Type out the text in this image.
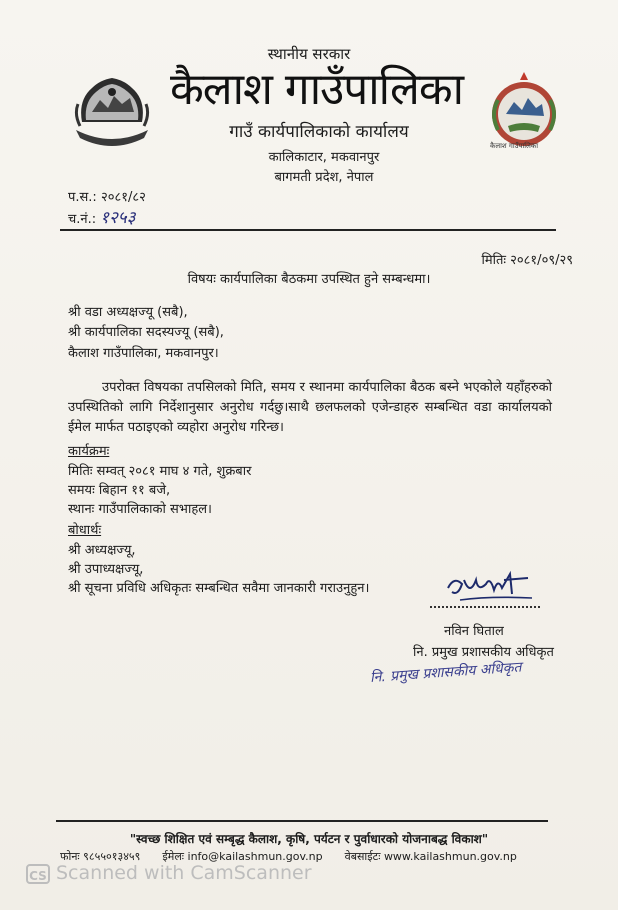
कैलाश गाउँपालिका
स्थानीय सरकार
कैलाश गाउँपालिका
गाउँ कार्यपालिकाको कार्यालय
कालिकाटार, मकवानपुर
बागमती प्रदेश, नेपाल
प.स.: २०८१/८२
च.नं.: १२५३
मितिः २०८१/०९/२९
विषयः कार्यपालिका बैठकमा उपस्थित हुने सम्बन्धमा।
श्री वडा अध्यक्षज्यू (सबै),
श्री कार्यपालिका सदस्यज्यू (सबै),
कैलाश गाउँपालिका, मकवानपुर।
उपरोक्त विषयका तपसिलको मिति, समय र स्थानमा कार्यपालिका बैठक बस्ने भएकोले यहाँहरुको उपस्थितिको लागि निर्देशानुसार अनुरोध गर्दछु।साथै छलफलको एजेन्डाहरु सम्बन्धित वडा कार्यालयको ईमेल मार्फत पठाइएको व्यहोरा अनुरोध गरिन्छ।
कार्यक्रमः
मितिः सम्वत् २०८१ माघ ४ गते, शुक्रबार
समयः बिहान ११ बजे,
स्थानः गाउँपालिकाको सभाहल।
बोधार्थः
श्री अध्यक्षज्यू,
श्री उपाध्यक्षज्यू,
श्री सूचना प्रविधि अधिकृतः सम्बन्धित सवैमा जानकारी गराउनुहुन।
नविन घिताल
नि. प्रमुख प्रशासकीय अधिकृत
नि. प्रमुख प्रशासकीय अधिकृत
"स्वच्छ शिक्षित एवं सम्बृद्ध कैलाश, कृषि, पर्यटन र पुर्वाधारको योजनाबद्ध विकाश"
फोनः ९८५५०१३४५९ ईमेलः info@kailashmun.gov.np वेबसाईटः www.kailashmun.gov.np
CS Scanned with CamScanner
